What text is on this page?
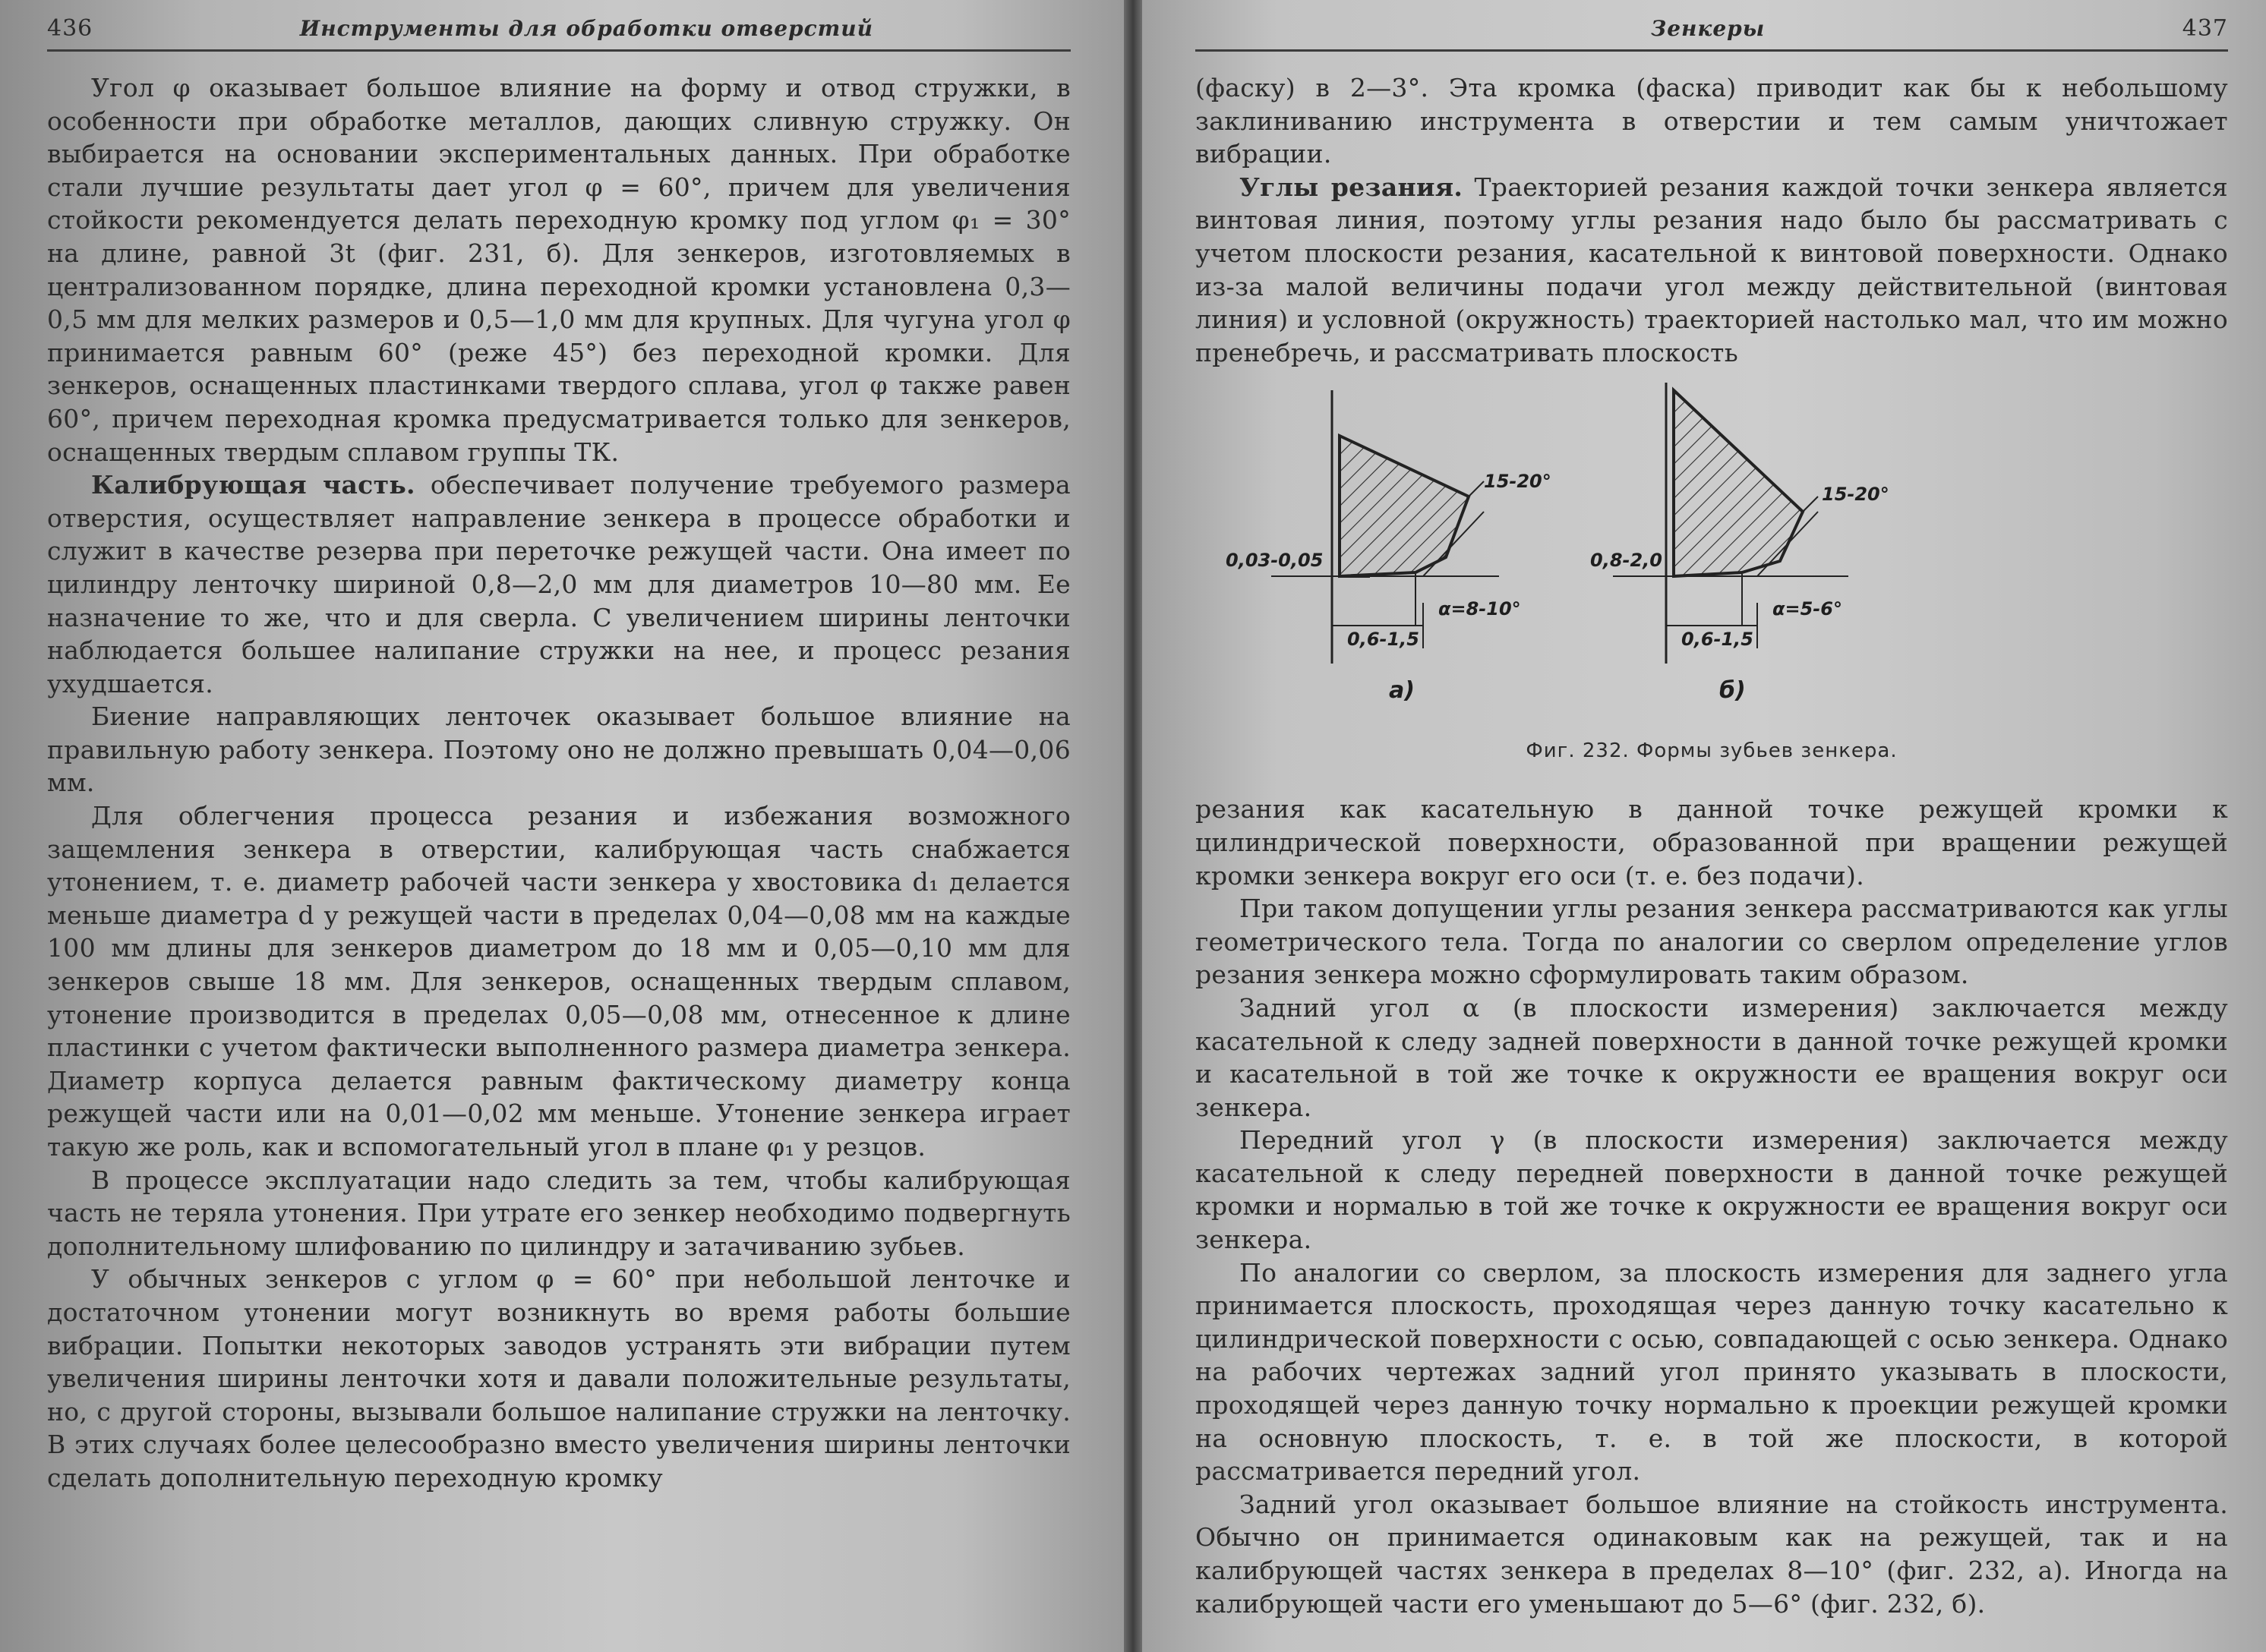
436	Инструменты для обработки отверстий

Угол φ оказывает большое влияние на форму и отвод стружки, в особенности при обработке металлов, дающих сливную стружку. Он выбирается на основании экспериментальных данных. При обработке стали лучшие результаты дает угол φ = 60°, причем для увеличения стойкости рекомендуется делать переходную кромку под углом φ₁ = 30° на длине, равной 3t (фиг. 231, б). Для зенкеров, изготовляемых в централизованном порядке, длина переходной кромки установлена 0,3—0,5 мм для мелких размеров и 0,5—1,0 мм для крупных. Для чугуна угол φ принимается равным 60° (реже 45°) без переходной кромки. Для зенкеров, оснащенных пластинками твердого сплава, угол φ также равен 60°, причем переходная кромка предусматривается только для зенкеров, оснащенных твердым сплавом группы ТК.

Калибрующая часть. обеспечивает получение требуемого размера отверстия, осуществляет направление зенкера в процессе обработки и служит в качестве резерва при переточке режущей части. Она имеет по цилиндру ленточку шириной 0,8—2,0 мм для диаметров 10—80 мм. Ее назначение то же, что и для сверла. С увеличением ширины ленточки наблюдается большее налипание стружки на нее, и процесс резания ухудшается.

Биение направляющих ленточек оказывает большое влияние на правильную работу зенкера. Поэтому оно не должно превышать 0,04—0,06 мм.

Для облегчения процесса резания и избежания возможного защемления зенкера в отверстии, калибрующая часть снабжается утонением, т. е. диаметр рабочей части зенкера у хвостовика d₁ делается меньше диаметра d у режущей части в пределах 0,04—0,08 мм на каждые 100 мм длины для зенкеров диаметром до 18 мм и 0,05—0,10 мм для зенкеров свыше 18 мм. Для зенкеров, оснащенных твердым сплавом, утонение производится в пределах 0,05—0,08 мм, отнесенное к длине пластинки с учетом фактически выполненного размера диаметра зенкера. Диаметр корпуса делается равным фактическому диаметру конца режущей части или на 0,01—0,02 мм меньше. Утонение зенкера играет такую же роль, как и вспомогательный угол в плане φ₁ у резцов.

В процессе эксплуатации надо следить за тем, чтобы калибрующая часть не теряла утонения. При утрате его зенкер необходимо подвергнуть дополнительному шлифованию по цилиндру и затачиванию зубьев.

У обычных зенкеров с углом φ = 60° при небольшой ленточке и достаточном утонении могут возникнуть во время работы большие вибрации. Попытки некоторых заводов устранять эти вибрации путем увеличения ширины ленточки хотя и давали положительные результаты, но, с другой стороны, вызывали большое налипание стружки на ленточку. В этих случаях более целесообразно вместо увеличения ширины ленточки сделать дополнительную переходную кромку

Зенкеры	437

(фаску) в 2—3°. Эта кромка (фаска) приводит как бы к небольшому заклиниванию инструмента в отверстии и тем самым уничтожает вибрации.

Углы резания. Траекторией резания каждой точки зенкера является винтовая линия, поэтому углы резания надо было бы рассматривать с учетом плоскости резания, касательной к винтовой поверхности. Однако из-за малой величины подачи угол между действительной (винтовая линия) и условной (окружность) траекторией настолько мал, что им можно пренебречь, и рассматривать плоскость

15-20°
0,03-0,05
0,6-1,5
α=8-10°
а)
15-20°
0,8-2,0
0,6-1,5
α=5-6°
б)
Фиг. 232. Формы зубьев зенкера.

резания как касательную в данной точке режущей кромки к цилиндрической поверхности, образованной при вращении режущей кромки зенкера вокруг его оси (т. е. без подачи).

При таком допущении углы резания зенкера рассматриваются как углы геометрического тела. Тогда по аналогии со сверлом определение углов резания зенкера можно сформулировать таким образом.

Задний угол α (в плоскости измерения) заключается между касательной к следу задней поверхности в данной точке режущей кромки и касательной в той же точке к окружности ее вращения вокруг оси зенкера.

Передний угол γ (в плоскости измерения) заключается между касательной к следу передней поверхности в данной точке режущей кромки и нормалью в той же точке к окружности ее вращения вокруг оси зенкера.

По аналогии со сверлом, за плоскость измерения для заднего угла принимается плоскость, проходящая через данную точку касательно к цилиндрической поверхности с осью, совпадающей с осью зенкера. Однако на рабочих чертежах задний угол принято указывать в плоскости, проходящей через данную точку нормально к проекции режущей кромки на основную плоскость, т. е. в той же плоскости, в которой рассматривается передний угол.

Задний угол оказывает большое влияние на стойкость инструмента. Обычно он принимается одинаковым как на режущей, так и на калибрующей частях зенкера в пределах 8—10° (фиг. 232, а). Иногда на калибрующей части его уменьшают до 5—6° (фиг. 232, б).
